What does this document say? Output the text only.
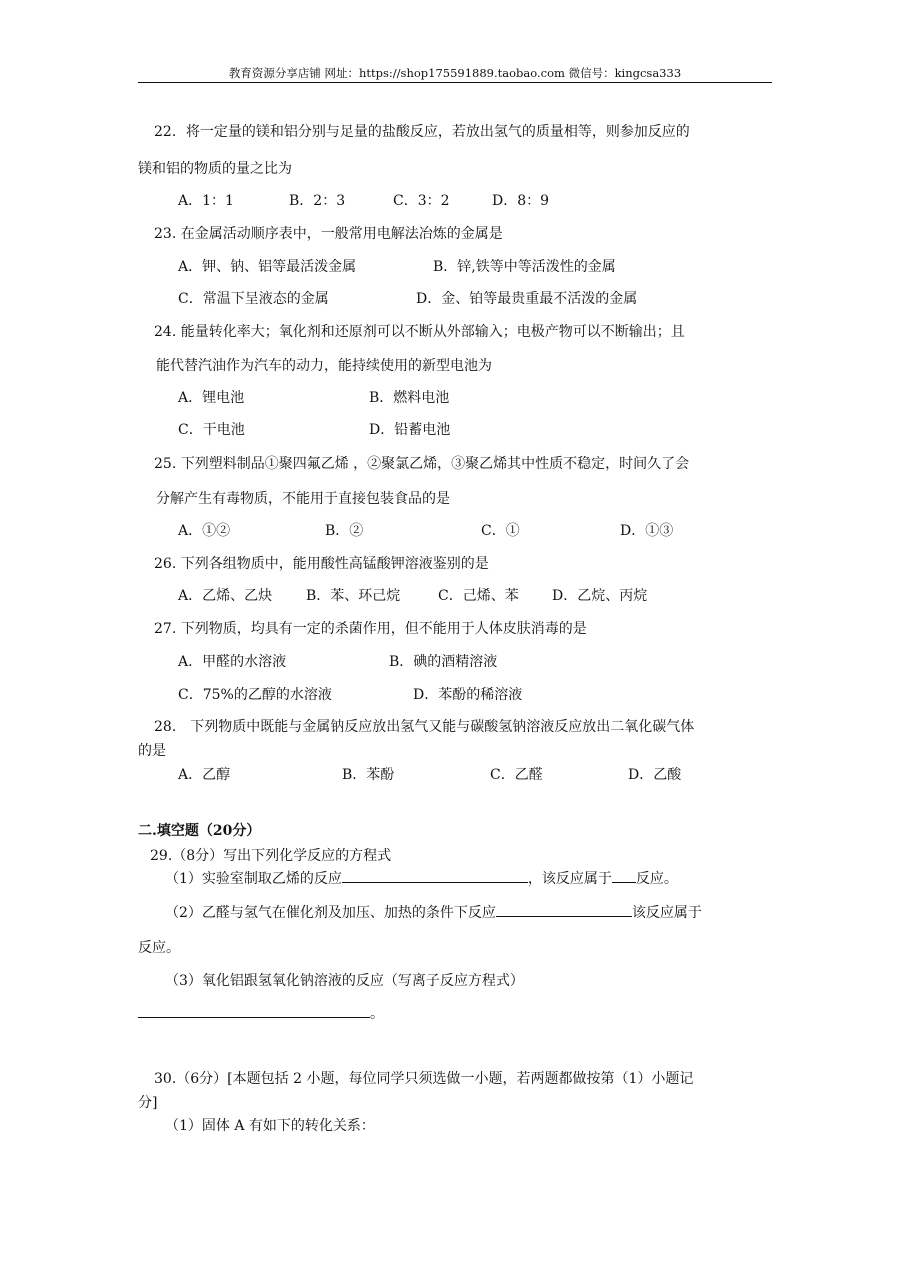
教育资源分享店铺 网址：https://shop175591889.taobao.com 微信号：kingcsa333
22．将一定量的镁和铝分别与足量的盐酸反应，若放出氢气的质量相等，则参加反应的
镁和铝的物质的量之比为
A．1：1	B．2：3	C．3：2	D．8：9
23. 在金属活动顺序表中，一般常用电解法冶炼的金属是
A．钾、钠、铝等最活泼金属	B．锌,铁等中等活泼性的金属
C．常温下呈液态的金属	D．金、铂等最贵重最不活泼的金属
24. 能量转化率大；氧化剂和还原剂可以不断从外部输入；电极产物可以不断输出；且
能代替汽油作为汽车的动力，能持续使用的新型电池为
A．锂电池	B．燃料电池
C．干电池	D．铅蓄电池
25. 下列塑料制品①聚四氟乙烯 ，②聚氯乙烯，③聚乙烯其中性质不稳定，时间久了会
分解产生有毒物质，不能用于直接包装食品的是
A．①②	B．②	C．①	D．①③
26. 下列各组物质中，能用酸性高锰酸钾溶液鉴别的是
A．乙烯、乙炔 B．苯、环己烷	C．己烯、苯 D．乙烷、丙烷
27. 下列物质，均具有一定的杀菌作用，但不能用于人体皮肤消毒的是
A．甲醛的水溶液	B．碘的酒精溶液
C．75%的乙醇的水溶液	D．苯酚的稀溶液
28． 下列物质中既能与金属钠反应放出氢气又能与碳酸氢钠溶液反应放出二氧化碳气体
的是
A．乙醇	B．苯酚	C．乙醛	D．乙酸
二.填空题（20分）
29.（8分）写出下列化学反应的方程式
（1）实验室制取乙烯的反应	，该反应属于 反应。
（2）乙醛与氢气在催化剂及加压、加热的条件下反应	该反应属于
反应。
（3）氧化铝跟氢氧化钠溶液的反应（写离子反应方程式）
。
30.（6分）[本题包括 2 小题，每位同学只须选做一小题，若两题都做按第（1）小题记
分]
（1）固体 A 有如下的转化关系：
